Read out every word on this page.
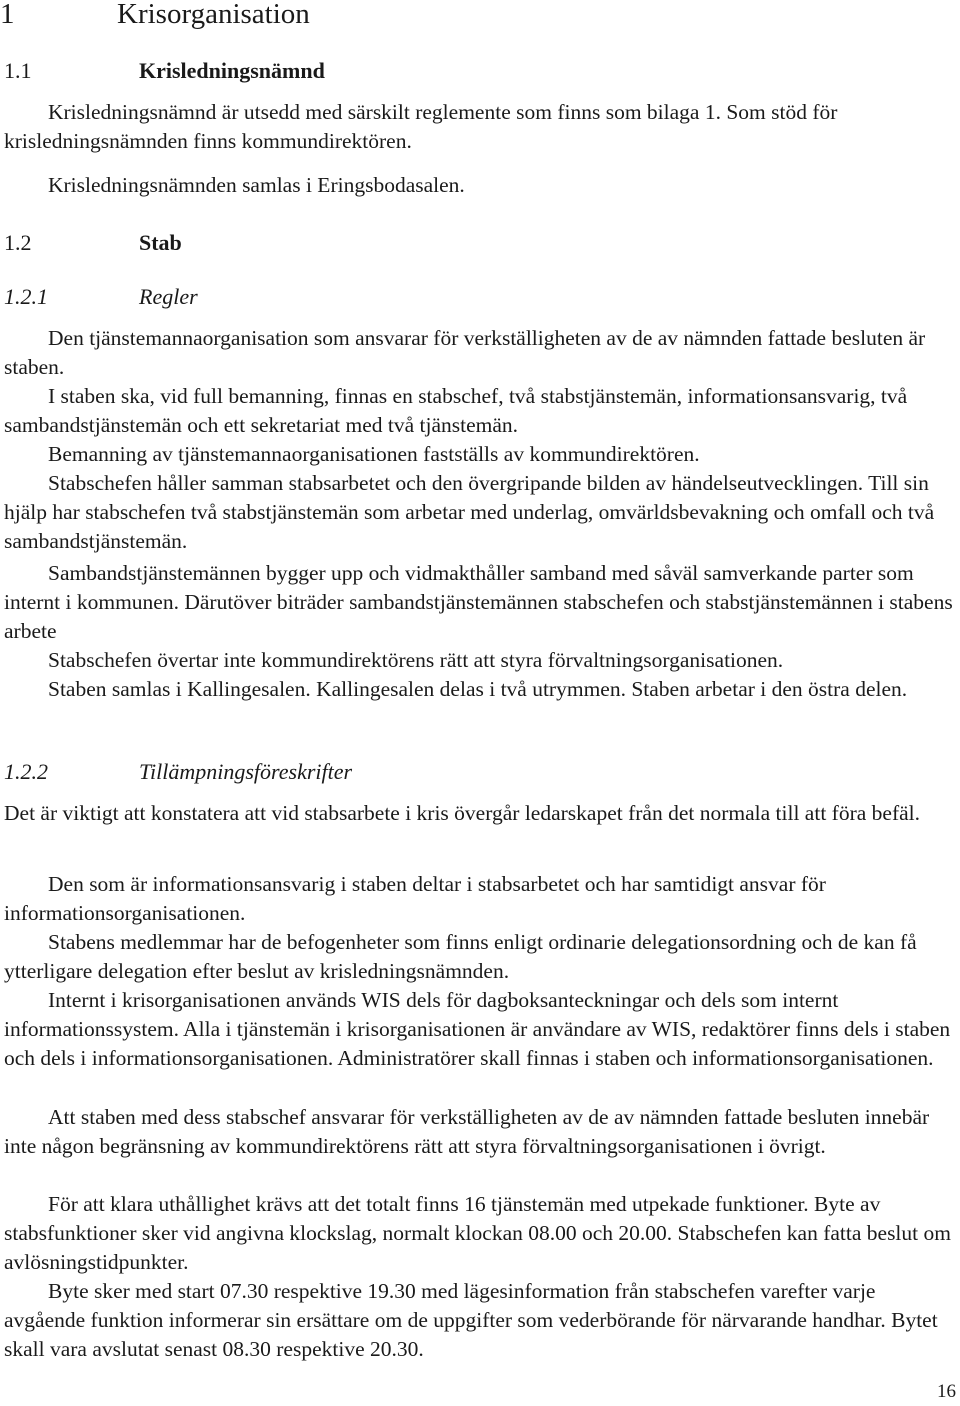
1	Krisorganisation
1.1	Krisledningsnämnd

Krisledningsnämnd är utsedd med särskilt reglemente som finns som bilaga 1. Som stöd för krisledningsnämnden finns kommundirektören.

Krisledningsnämnden samlas i Eringsbodasalen.

1.2	Stab
1.2.1	Regler

Den tjänstemannaorganisation som ansvarar för verkställigheten av de av nämnden fattade besluten är staben.

I staben ska, vid full bemanning, finnas en stabschef, två stabstjänstemän, informationsansvarig, två sambandstjänstemän och ett sekretariat med två tjänstemän.

Bemanning av tjänstemannaorganisationen fastställs av kommundirektören.

Stabschefen håller samman stabsarbetet och den övergripande bilden av händelseutvecklingen. Till sin hjälp har stabschefen två stabstjänstemän som arbetar med underlag, omvärldsbevakning och omfall och två sambandstjänstemän.

Sambandstjänstemännen bygger upp och vidmakthåller samband med såväl samverkande parter som internt i kommunen. Därutöver biträder sambandstjänstemännen stabschefen och stabstjänstemännen i stabens arbete

Stabschefen övertar inte kommundirektörens rätt att styra förvaltningsorganisationen.

Staben samlas i Kallingesalen. Kallingesalen delas i två utrymmen. Staben arbetar i den östra delen.

1.2.2	Tillämpningsföreskrifter

Det är viktigt att konstatera att vid stabsarbete i kris övergår ledarskapet från det normala till att föra befäl.

Den som är informationsansvarig i staben deltar i stabsarbetet och har samtidigt ansvar för informationsorganisationen.

Stabens medlemmar har de befogenheter som finns enligt ordinarie delegationsordning och de kan få ytterligare delegation efter beslut av krisledningsnämnden.

Internt i krisorganisationen används WIS dels för dagboksanteckningar och dels som internt informationssystem. Alla i tjänstemän i krisorganisationen är användare av WIS, redaktörer finns dels i staben och dels i informationsorganisationen. Administratörer skall finnas i staben och informationsorganisationen.

Att staben med dess stabschef ansvarar för verkställigheten av de av nämnden fattade besluten innebär inte någon begränsning av kommundirektörens rätt att styra förvaltningsorganisationen i övrigt.

För att klara uthållighet krävs att det totalt finns 16 tjänstemän med utpekade funktioner. Byte av stabsfunktioner sker vid angivna klockslag, normalt klockan 08.00 och 20.00. Stabschefen kan fatta beslut om avlösningstidpunkter.

Byte sker med start 07.30 respektive 19.30 med lägesinformation från stabschefen varefter varje avgående funktion informerar sin ersättare om de uppgifter som vederbörande för närvarande handhar. Bytet skall vara avslutat senast 08.30 respektive 20.30.

16
